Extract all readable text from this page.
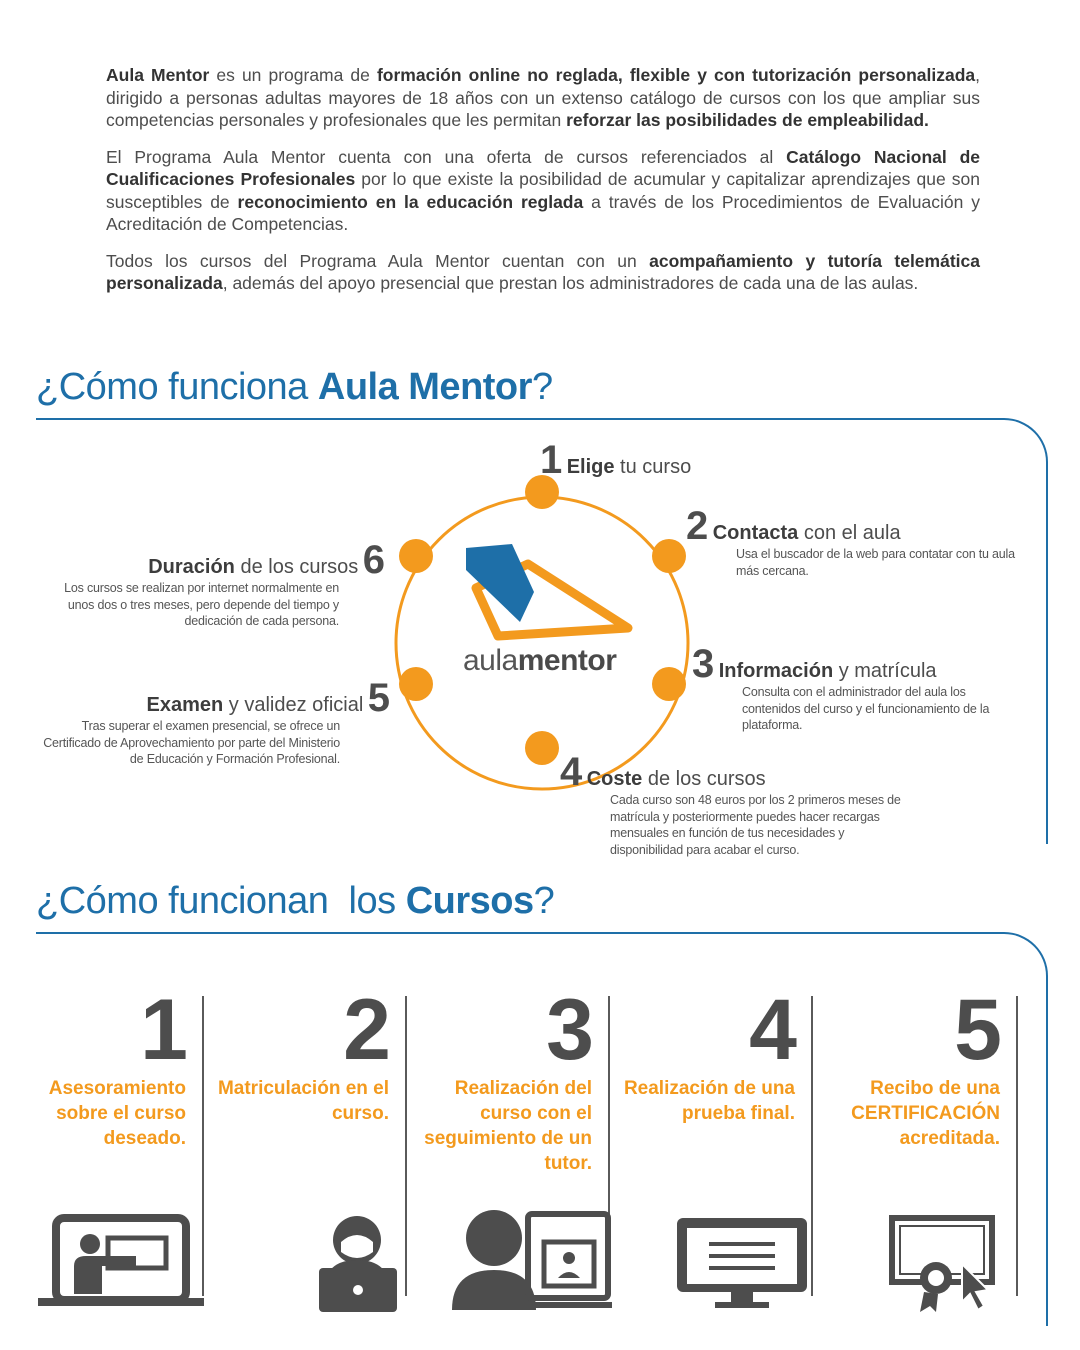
Aula Mentor es un programa de formación online no reglada, flexible y con tutorización personalizada, dirigido a personas adultas mayores de 18 años con un extenso catálogo de cursos con los que ampliar sus competencias personales y profesionales que les permitan reforzar las posibilidades de empleabilidad.

El Programa Aula Mentor cuenta con una oferta de cursos referenciados al Catálogo Nacional de Cualificaciones Profesionales por lo que existe la posibilidad de acumular y capitalizar aprendizajes que son susceptibles de reconocimiento en la educación reglada a través de los Procedimientos de Evaluación y Acreditación de Competencias.

Todos los cursos del Programa Aula Mentor cuentan con un acompañamiento y tutoría telemática personalizada, además del apoyo presencial que prestan los administradores de cada una de las aulas.

¿Cómo funciona Aula Mentor?
aulamentor
1 Elige tu curso
2 Contacta con el aula
Usa el buscador de la web para contatar con tu aula más cercana.
3 Información y matrícula
Consulta con el administrador del aula los contenidos del curso y el funcionamiento de la plataforma.
4 Coste de los cursos
Cada curso son 48 euros por los 2 primeros meses de matrícula y posteriormente puedes hacer recargas mensuales en función de tus necesidades y disponibilidad para acabar el curso.
Examen y validez oficial 5
Tras superar el examen presencial, se ofrece un Certificado de Aprovechamiento por parte del Ministerio de Educación y Formación Profesional.
Duración de los cursos 6
Los cursos se realizan por internet normalmente en unos dos o tres meses, pero depende del tiempo y dedicación de cada persona.
¿Cómo funcionan  los Cursos?
1
Asesoramiento sobre el curso deseado.
2
Matriculación en el curso.
3
Realización del curso con el seguimiento de un tutor.
4
Realización de una prueba final.
5
Recibo de una CERTIFICACIÓN acreditada.
